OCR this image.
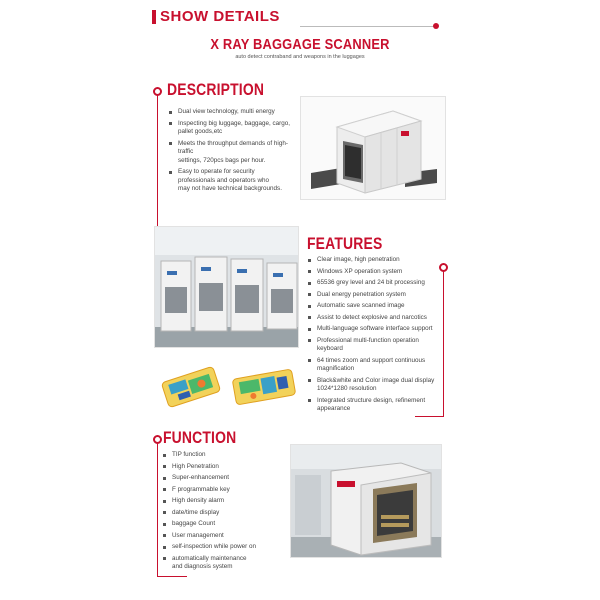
SHOW DETAILS
X RAY BAGGAGE SCANNER
auto detect contraband and weapons in the luggages
DESCRIPTION
Dual view technology, multi energy
Inspecting big luggage, baggage, cargo,
pallet goods,etc
Meets the throughput demands of high-traffic
settings, 720pcs bags per hour.
Easy to operate for security
professionals and operators who
may not have technical backgrounds.
FEATURES
Clear image, high penetration
Windows XP operation system
65536 grey level and 24 bit processing
Dual energy penetration system
Automatic save scanned image
Assist to detect explosive and narcotics
Multi-language software interface support
Professional multi-function operation
keyboard
64 times zoom and support continuous
magnification
Black&white and Color image dual display
1024*1280 resolution
Integrated structure design, refinement
appearance
FUNCTION
TIP function
High Penetration
Super-enhancement
F programmable key
High density alarm
date/time display
baggage Count
User management
self-inspection while power on
automatically maintenance
and diagnosis system
